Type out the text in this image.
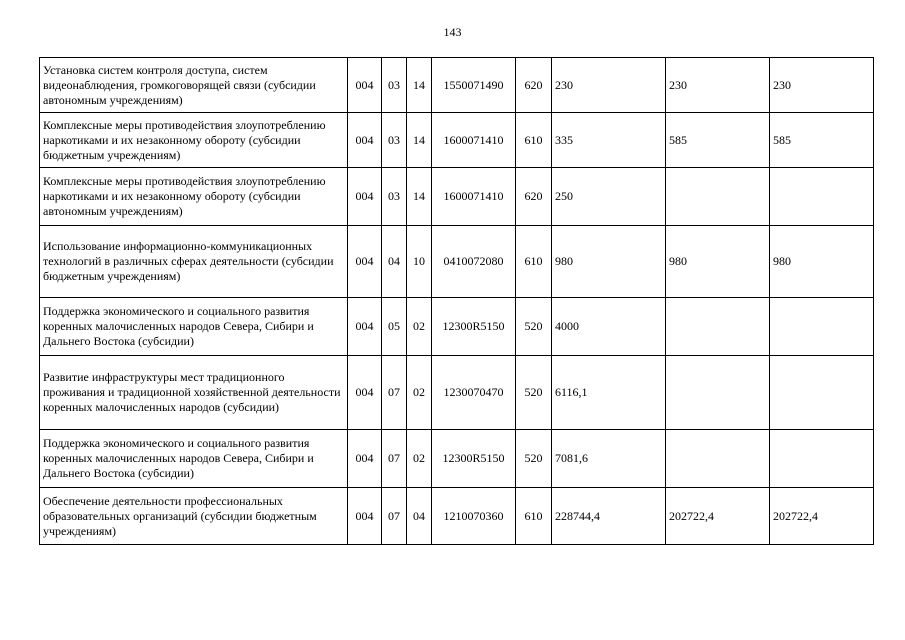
143
Установка систем контроля доступа, систем видеонаблюдения, громкоговорящей связи (субсидии автономным учреждениям)	004	03	14	1550071490	620	230	230	230
Комплексные меры противодействия злоупотреблению наркотиками и их незаконному обороту (субсидии бюджетным учреждениям)	004	03	14	1600071410	610	335	585	585
Комплексные меры противодействия злоупотреблению наркотиками и их незаконному обороту (субсидии автономным учреждениям)	004	03	14	1600071410	620	250		
Использование информационно-коммуникационных технологий в различных сферах деятельности (субсидии бюджетным учреждениям)	004	04	10	0410072080	610	980	980	980
Поддержка экономического и социального развития коренных малочисленных народов Севера, Сибири и Дальнего Востока (субсидии)	004	05	02	12300R5150	520	4000		
Развитие инфраструктуры мест традиционного проживания и традиционной хозяйственной деятельности коренных малочисленных народов (субсидии)	004	07	02	1230070470	520	6116,1		
Поддержка экономического и социального развития коренных малочисленных народов Севера, Сибири и Дальнего Востока (субсидии)	004	07	02	12300R5150	520	7081,6		
Обеспечение деятельности профессиональных образовательных организаций (субсидии бюджетным учреждениям)	004	07	04	1210070360	610	228744,4	202722,4	202722,4
